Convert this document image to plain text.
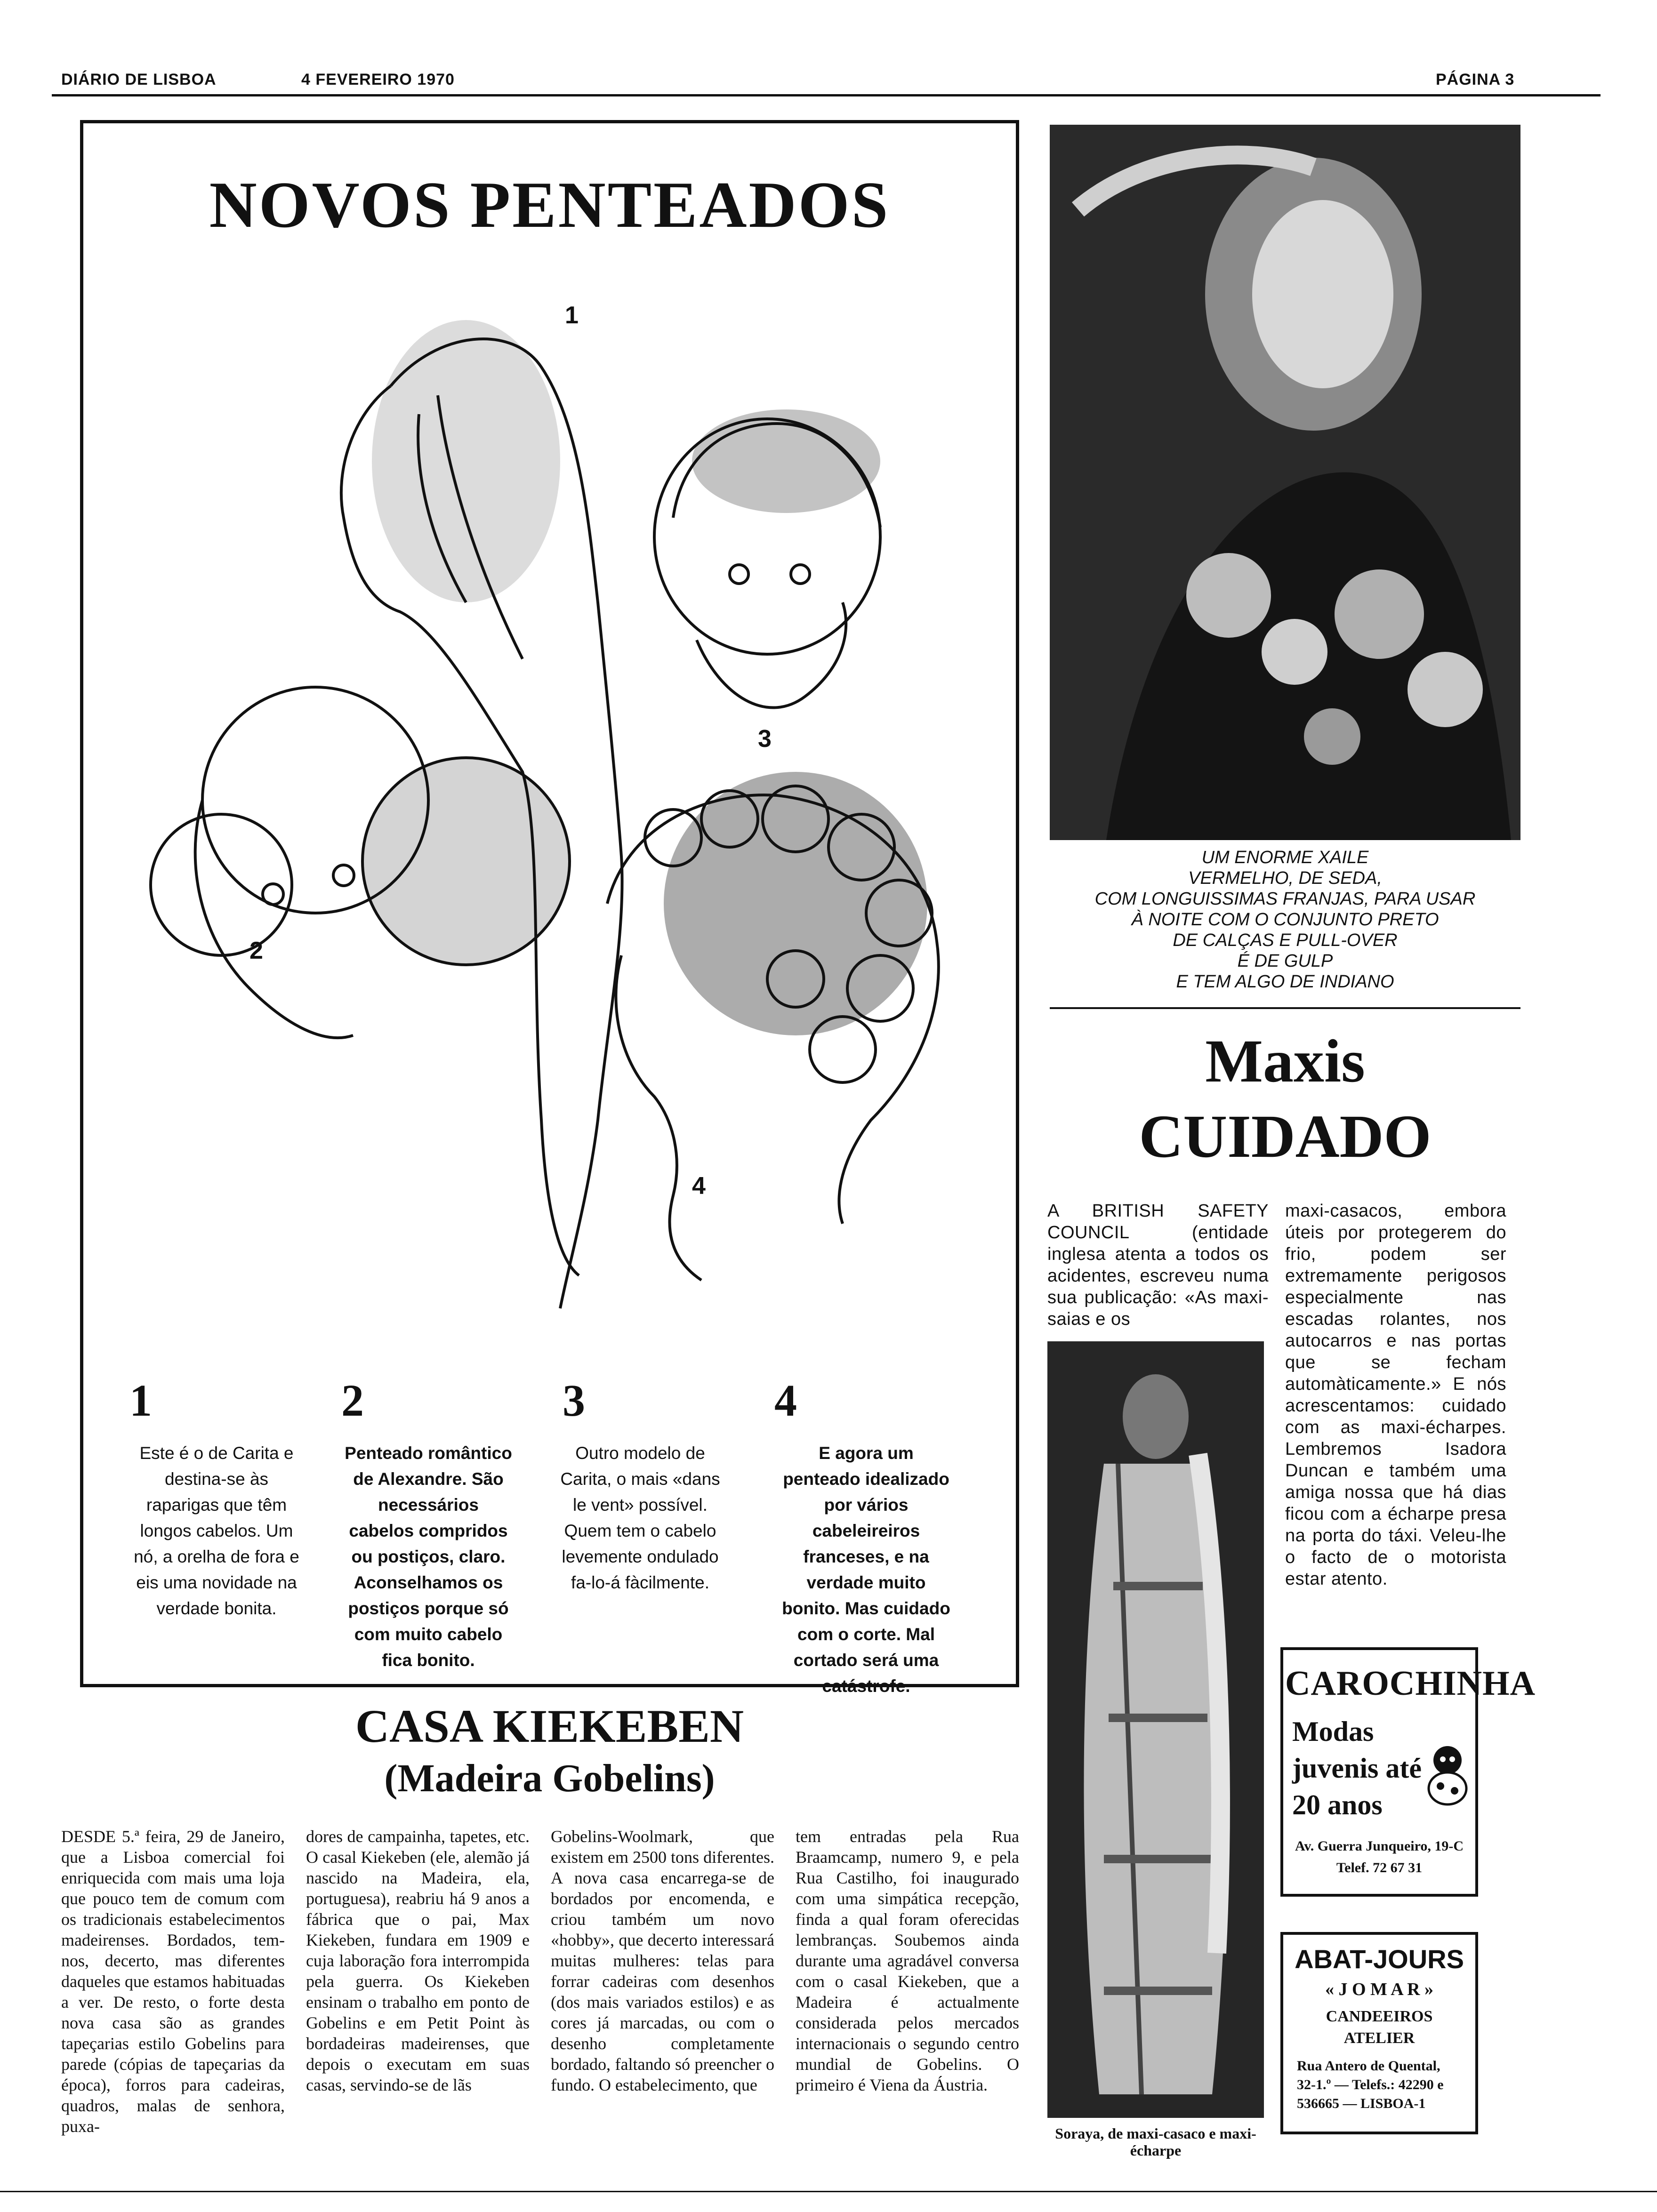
DIÁRIO DE LISBOA	4 FEVEREIRO 1970	PÁGINA 3
NOVOS PENTEADOS
1
2
3
4
1
Este é o de Carita e destina-se às raparigas que têm longos cabelos. Um nó, a orelha de fora e eis uma novidade na verdade bonita.
2
Penteado romântico de Alexandre. São necessários cabelos compridos ou postiços, claro. Aconselhamos os postiços porque só com muito cabelo fica bonito.
3
Outro modelo de Carita, o mais «dans le vent» possível. Quem tem o cabelo levemente ondulado fa-lo-á fàcilmente.
4
E agora um penteado idealizado por vários cabeleireiros franceses, e na verdade muito bonito. Mas cuidado com o corte. Mal cortado será uma catástrofe.
UM ENORME XAILE
VERMELHO, DE SEDA,
COM LONGUISSIMAS FRANJAS, PARA USAR
À NOITE COM O CONJUNTO PRETO
DE CALÇAS E PULL-OVER
É DE GULP
E TEM ALGO DE INDIANO
Maxis
CUIDADO
A BRITISH SAFETY COUNCIL (entidade inglesa atenta a todos os acidentes, escreveu numa sua publicação: «As maxi-saias e os
maxi-casacos, embora úteis por protegerem do frio, podem ser extremamente perigosos especialmente nas escadas rolantes, nos autocarros e nas portas que se fecham automàticamente.» E nós acrescentamos: cuidado com as maxi-écharpes. Lembremos Isadora Duncan e também uma amiga nossa que há dias ficou com a écharpe presa na porta do táxi. Veleu-lhe o facto de o motorista estar atento.
Soraya, de maxi-casaco e maxi-écharpe
CAROCHINHA
Modas
juvenis até
20 anos
Av. Guerra Junqueiro, 19-C
Telef. 72 67 31
ABAT-JOURS
« J O M A R »
CANDEEIROS
ATELIER
Rua Antero de Quental, 32-1.º — Telefs.: 42290 e 536665 — LISBOA-1
CASA KIEKEBEN
(Madeira Gobelins)
DESDE 5.ª feira, 29 de Janeiro, que a Lisboa comercial foi enriquecida com mais uma loja que pouco tem de comum com os tradicionais estabelecimentos madeirenses. Bordados, tem-nos, decerto, mas diferentes daqueles que estamos habituadas a ver. De resto, o forte desta nova casa são as grandes tapeçarias estilo Gobelins para parede (cópias de tapeçarias da época), forros para cadeiras, quadros, malas de senhora, puxa-
dores de campainha, tapetes, etc. O casal Kiekeben (ele, alemão já nascido na Madeira, ela, portuguesa), reabriu há 9 anos a fábrica que o pai, Max Kiekeben, fundara em 1909 e cuja laboração fora interrompida pela guerra. Os Kiekeben ensinam o trabalho em ponto de Gobelins e em Petit Point às bordadeiras madeirenses, que depois o executam em suas casas, servindo-se de lãs
Gobelins-Woolmark, que existem em 2500 tons diferentes. A nova casa encarrega-se de bordados por encomenda, e criou também um novo «hobby», que decerto interessará muitas mulheres: telas para forrar cadeiras com desenhos (dos mais variados estilos) e as cores já marcadas, ou com o desenho completamente bordado, faltando só preencher o fundo. O estabelecimento, que
tem entradas pela Rua Braamcamp, numero 9, e pela Rua Castilho, foi inaugurado com uma simpática recepção, finda a qual foram oferecidas lembranças. Soubemos ainda durante uma agradável conversa com o casal Kiekeben, que a Madeira é actualmente considerada pelos mercados internacionais o segundo centro mundial de Gobelins. O primeiro é Viena da Áustria.
